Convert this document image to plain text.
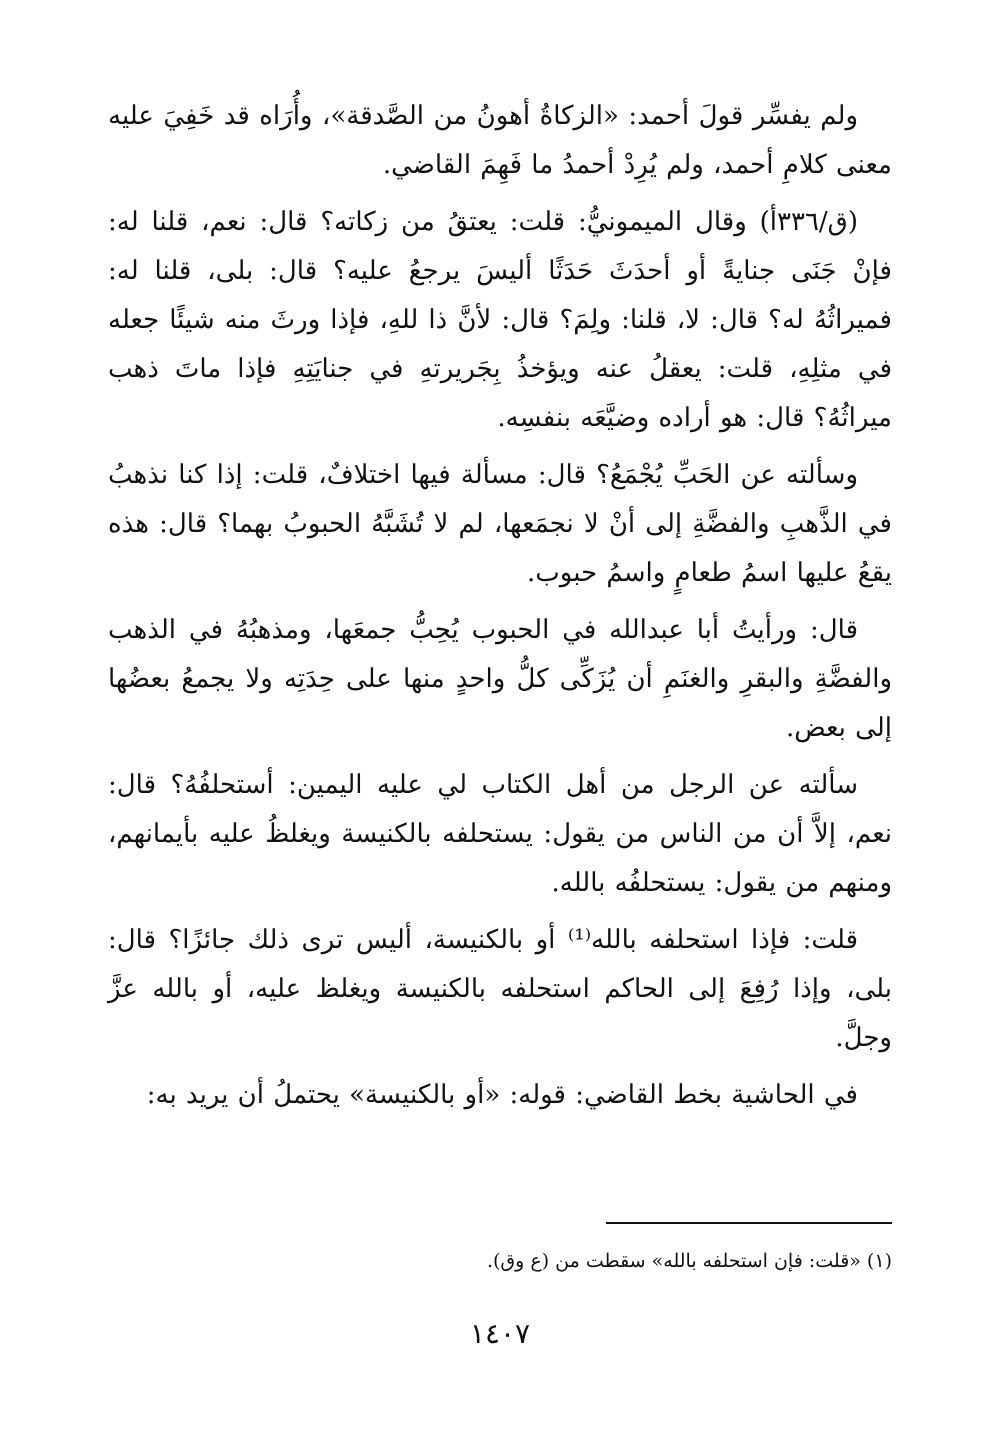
ولم يفسِّر قولَ أحمد: «الزكاةُ أهونُ من الصَّدقة»، وأُرَاه قد خَفِيَ عليه معنى كلامِ أحمد، ولم يُرِدْ أحمدُ ما فَهِمَ القاضي.

(ق/٣٣٦أ) وقال الميمونيُّ: قلت: يعتقُ من زكاته؟ قال: نعم، قلنا له: فإنْ جَنَى جنايةً أو أحدَثَ حَدَثًا أليسَ يرجعُ عليه؟ قال: بلى، قلنا له: فميراثُهُ له؟ قال: لا، قلنا: ولِمَ؟ قال: لأنَّ ذا للهِ، فإذا ورثَ منه شيئًا جعله في مثلِهِ، قلت: يعقلُ عنه ويؤخذُ بِجَريرتهِ في جنايَتِهِ فإذا ماتَ ذهب ميراثُهُ؟ قال: هو أراده وضيَّعَه بنفسِه.

وسألته عن الحَبِّ يُجْمَعُ؟ قال: مسألة فيها اختلافٌ، قلت: إذا كنا نذهبُ في الذَّهبِ والفضَّةِ إلى أنْ لا نجمَعها، لم لا تُشَبَّهُ الحبوبُ بهما؟ قال: هذه يقعُ عليها اسمُ طعامٍ واسمُ حبوب.

قال: ورأيتُ أبا عبدالله في الحبوب يُحِبُّ جمعَها، ومذهبُهُ في الذهب والفضَّةِ والبقرِ والغنَمِ أن يُزَكِّى كلُّ واحدٍ منها على حِدَتِه ولا يجمعُ بعضُها إلى بعض.

سألته عن الرجل من أهل الكتاب لي عليه اليمين: أستحلفُهُ؟ قال: نعم، إلاَّ أن من الناس من يقول: يستحلفه بالكنيسة ويغلظُ عليه بأيمانهم، ومنهم من يقول: يستحلفُه بالله.

قلت: فإذا استحلفه بالله⁽¹⁾ أو بالكنيسة، أليس ترى ذلك جائزًا؟ قال: بلى، وإذا رُفِعَ إلى الحاكم استحلفه بالكنيسة ويغلظ عليه، أو بالله عزَّ وجلَّ.

في الحاشية بخط القاضي: قوله: «أو بالكنيسة» يحتملُ أن يريد به:

(١) «قلت: فإن استحلفه بالله» سقطت من (ع وق).

١٤٠٧
